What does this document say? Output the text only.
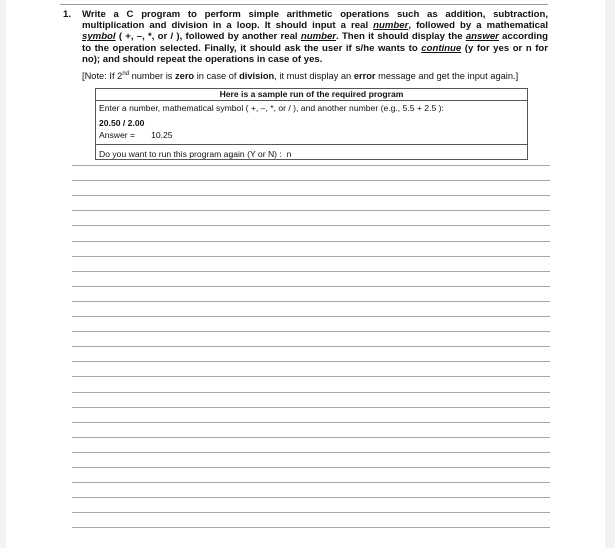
1. Write a C program to perform simple arithmetic operations such as addition, subtraction, multiplication and division in a loop. It should input a real number, followed by a mathematical symbol ( +, –, *, or / ), followed by another real number. Then it should display the answer according to the operation selected. Finally, it should ask the user if s/he wants to continue (y for yes or n for no); and should repeat the operations in case of yes.
[Note: If 2nd number is zero in case of division, it must display an error message and get the input again.]
Here is a sample run of the required program
Enter a number, mathematical symbol ( +, –, *, or / ), and another number (e.g., 5.5 + 2.5 ):
20.50 / 2.00
Answer = 10.25
Do you want to run this program again (Y or N) : n
